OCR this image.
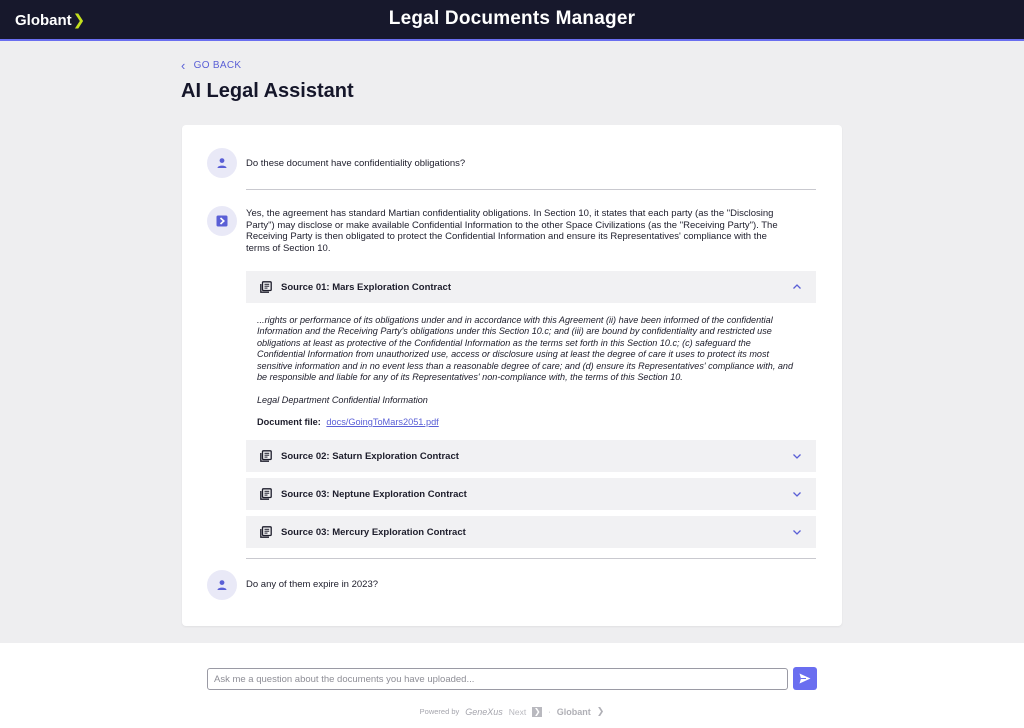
Globant ❯	Legal Documents Manager
‹ GO BACK
AI Legal Assistant
Do these document have confidentiality obligations?
Yes, the agreement has standard Martian confidentiality obligations. In Section 10, it states that each party (as the "Disclosing Party") may disclose or make available Confidential Information to the other Space Civilizations (as the "Receiving Party"). The Receiving Party is then obligated to protect the Confidential Information and ensure its Representatives' compliance with the terms of Section 10.
Source 01: Mars Exploration Contract
...rights or performance of its obligations under and in accordance with this Agreement (ii) have been informed of the confidential Information and the Receiving Party's obligations under this Section 10.c; and (iii) are bound by confidentiality and restricted use obligations at least as protective of the Confidential Information as the terms set forth in this Section 10.c; (c) safeguard the Confidential Information from unauthorized use, access or disclosure using at least the degree of care it uses to protect its most sensitive information and in no event less than a reasonable degree of care; and (d) ensure its Representatives' compliance with, and be responsible and liable for any of its Representatives' non-compliance with, the terms of this Section 10.
Legal Department Confidential Information
Document file: docs/GoingToMars2051.pdf
Source 02: Saturn Exploration Contract
Source 03: Neptune Exploration Contract
Source 03: Mercury Exploration Contract
Do any of them expire in 2023?
Ask me a question about the documents you have uploaded...
Powered by GeneXus Next ❯ · Globant ❯
